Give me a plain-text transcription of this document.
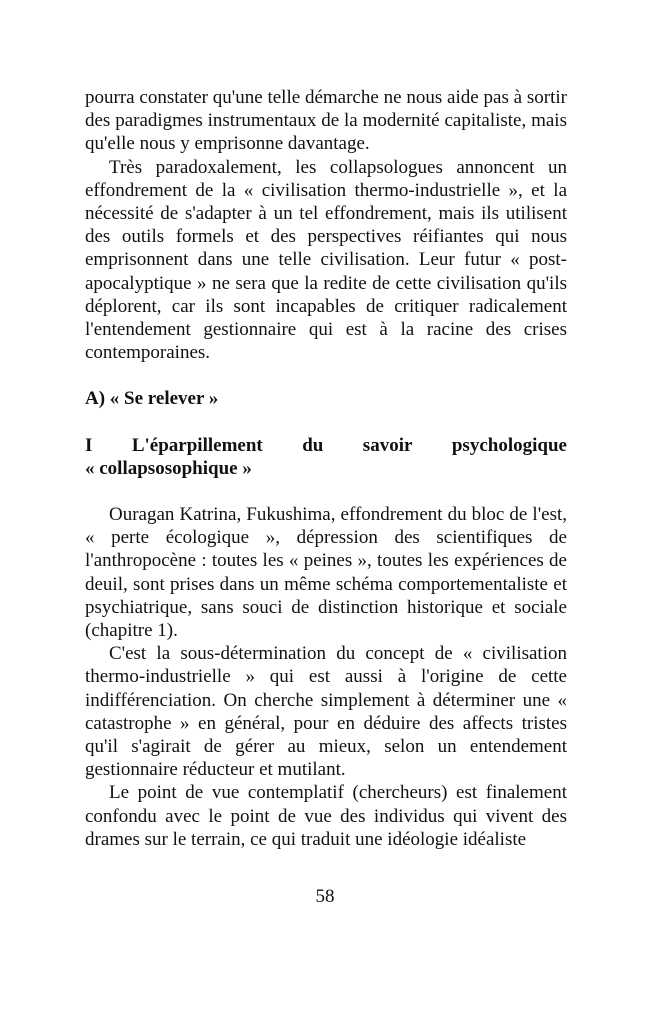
pourra constater qu'une telle démarche ne nous aide pas à sortir des paradigmes instrumentaux de la modernité capitaliste, mais qu'elle nous y emprisonne davantage.

Très paradoxalement, les collapsologues annoncent un effondrement de la « civilisation thermo-industrielle », et la nécessité de s'adapter à un tel effondrement, mais ils utilisent des outils formels et des perspectives réifiantes qui nous emprisonnent dans une telle civilisation. Leur futur « post-apocalyptique » ne sera que la redite de cette civilisation qu'ils déplorent, car ils sont incapables de critiquer radicalement l'entendement gestionnaire qui est à la racine des crises contemporaines.

A) « Se relever »

I L'éparpillement du savoir psychologique
« collapsosophique »

Ouragan Katrina, Fukushima, effondrement du bloc de l'est, « perte écologique », dépression des scientifiques de l'anthropocène : toutes les « peines », toutes les expériences de deuil, sont prises dans un même schéma comportementaliste et psychiatrique, sans souci de distinction historique et sociale (chapitre 1).

C'est la sous-détermination du concept de « civilisation thermo-industrielle » qui est aussi à l'origine de cette indifférenciation. On cherche simplement à déterminer une « catastrophe » en général, pour en déduire des affects tristes qu'il s'agirait de gérer au mieux, selon un entendement gestionnaire réducteur et mutilant.

Le point de vue contemplatif (chercheurs) est finalement confondu avec le point de vue des individus qui vivent des drames sur le terrain, ce qui traduit une idéologie idéaliste

58
